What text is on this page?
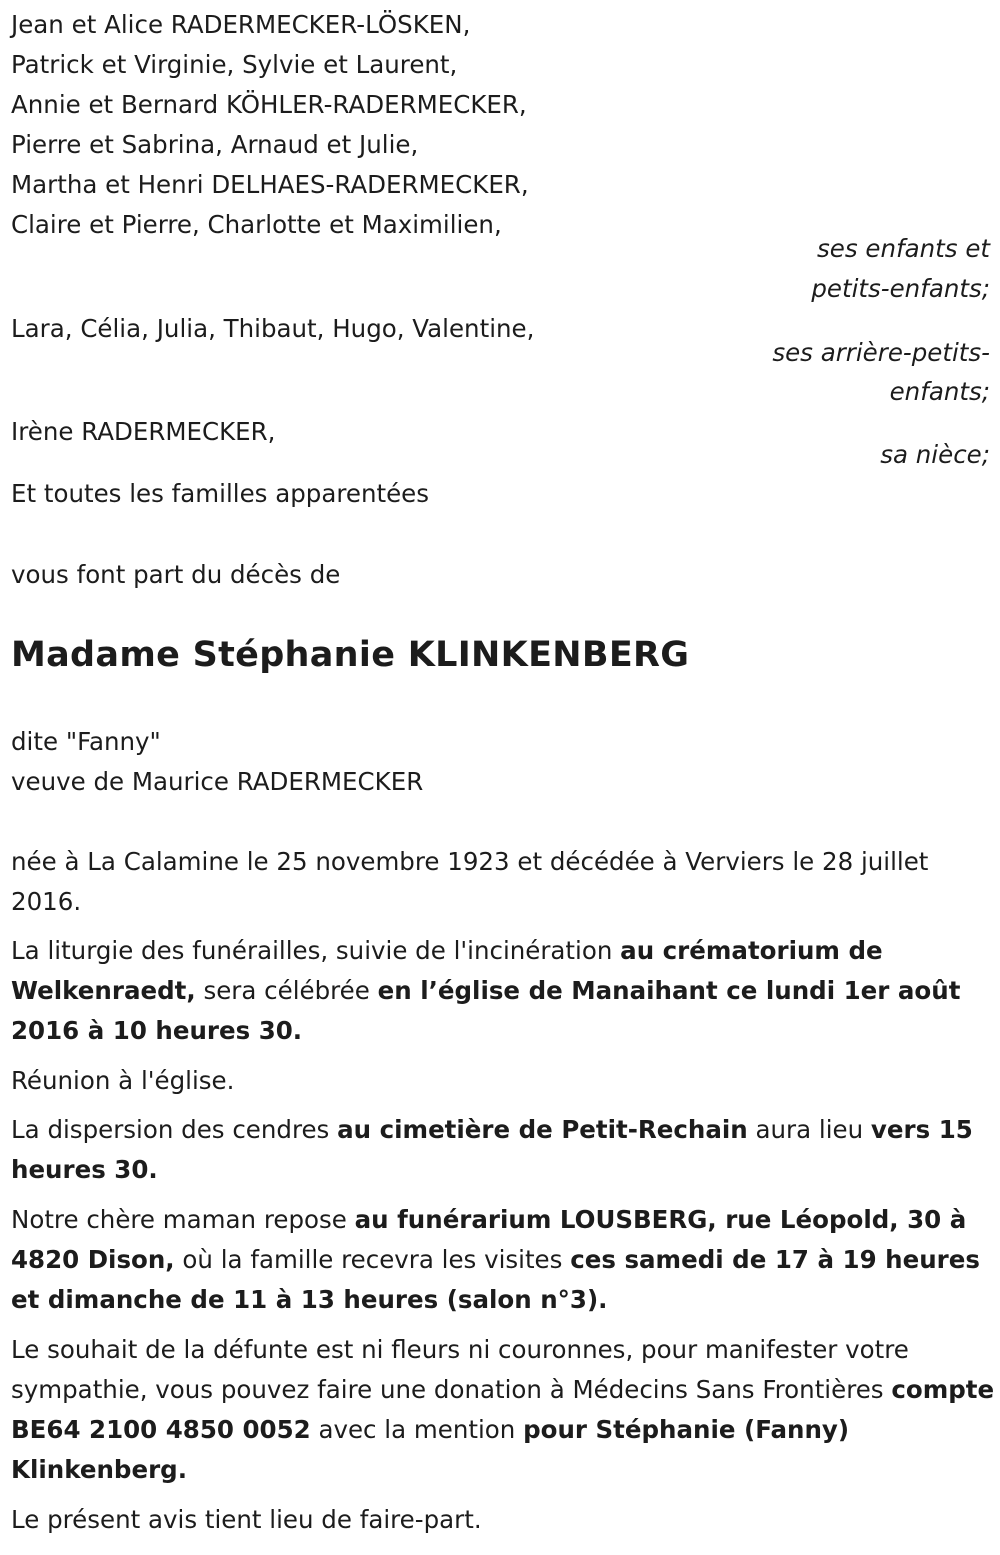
Jean et Alice RADERMECKER-LÖSKEN,
Patrick et Virginie, Sylvie et Laurent,
Annie et Bernard KÖHLER-RADERMECKER,
Pierre et Sabrina, Arnaud et Julie,
Martha et Henri DELHAES-RADERMECKER,
Claire et Pierre, Charlotte et Maximilien,
ses enfants et
petits-enfants;
Lara, Célia, Julia, Thibaut, Hugo, Valentine,
ses arrière-petits-
enfants;
Irène RADERMECKER,
sa nièce;
Et toutes les familles apparentées
vous font part du décès de
Madame Stéphanie KLINKENBERG
dite "Fanny"
veuve de Maurice RADERMECKER
née à La Calamine le 25 novembre 1923 et décédée à Verviers le 28 juillet 2016.
La liturgie des funérailles, suivie de l'incinération au crématorium de Welkenraedt, sera célébrée en l’église de Manaihant ce lundi 1er août 2016 à 10 heures 30.
Réunion à l'église.
La dispersion des cendres au cimetière de Petit-Rechain aura lieu vers 15 heures 30.
Notre chère maman repose au funérarium LOUSBERG, rue Léopold, 30 à 4820 Dison, où la famille recevra les visites ces samedi de 17 à 19 heures et dimanche de 11 à 13 heures (salon n°3).
Le souhait de la défunte est ni fleurs ni couronnes, pour manifester votre sympathie, vous pouvez faire une donation à Médecins Sans Frontières compte BE64 2100 4850 0052 avec la mention pour Stéphanie (Fanny) Klinkenberg.
Le présent avis tient lieu de faire-part.
